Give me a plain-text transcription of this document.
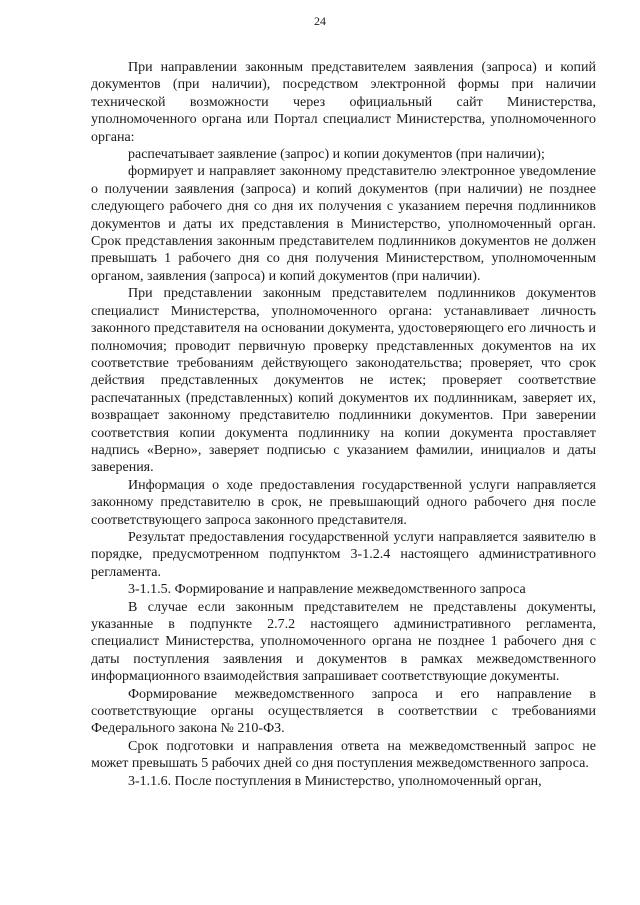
24

При направлении законным представителем заявления (запроса) и копий документов (при наличии), посредством электронной формы при наличии технической возможности через официальный сайт Министерства, уполномоченного органа или Портал специалист Министерства, уполномоченного органа:

распечатывает заявление (запрос) и копии документов (при наличии);

формирует и направляет законному представителю электронное уведомление о получении заявления (запроса) и копий документов (при наличии) не позднее следующего рабочего дня со дня их получения с указанием перечня подлинников документов и даты их представления в Министерство, уполномоченный орган. Срок представления законным представителем подлинников документов не должен превышать 1 рабочего дня со дня получения Министерством, уполномоченным органом, заявления (запроса) и копий документов (при наличии).

При представлении законным представителем подлинников документов специалист Министерства, уполномоченного органа: устанавливает личность законного представителя на основании документа, удостоверяющего его личность и полномочия; проводит первичную проверку представленных документов на их соответствие требованиям действующего законодательства; проверяет, что срок действия представленных документов не истек; проверяет соответствие распечатанных (представленных) копий документов их подлинникам, заверяет их, возвращает законному представителю подлинники документов. При заверении соответствия копии документа подлиннику на копии документа проставляет надпись «Верно», заверяет подписью с указанием фамилии, инициалов и даты заверения.

Информация о ходе предоставления государственной услуги направляется законному представителю в срок, не превышающий одного рабочего дня после соответствующего запроса законного представителя.

Результат предоставления государственной услуги направляется заявителю в порядке, предусмотренном подпунктом 3-1.2.4 настоящего административного регламента.

3-1.1.5. Формирование и направление межведомственного запроса

В случае если законным представителем не представлены документы, указанные в подпункте 2.7.2 настоящего административного регламента, специалист Министерства, уполномоченного органа не позднее 1 рабочего дня с даты поступления заявления и документов в рамках межведомственного информационного взаимодействия запрашивает соответствующие документы.

Формирование межведомственного запроса и его направление в соответствующие органы осуществляется в соответствии с требованиями Федерального закона № 210-ФЗ.

Срок подготовки и направления ответа на межведомственный запрос не может превышать 5 рабочих дней со дня поступления межведомственного запроса.

3-1.1.6. После поступления в Министерство, уполномоченный орган,
